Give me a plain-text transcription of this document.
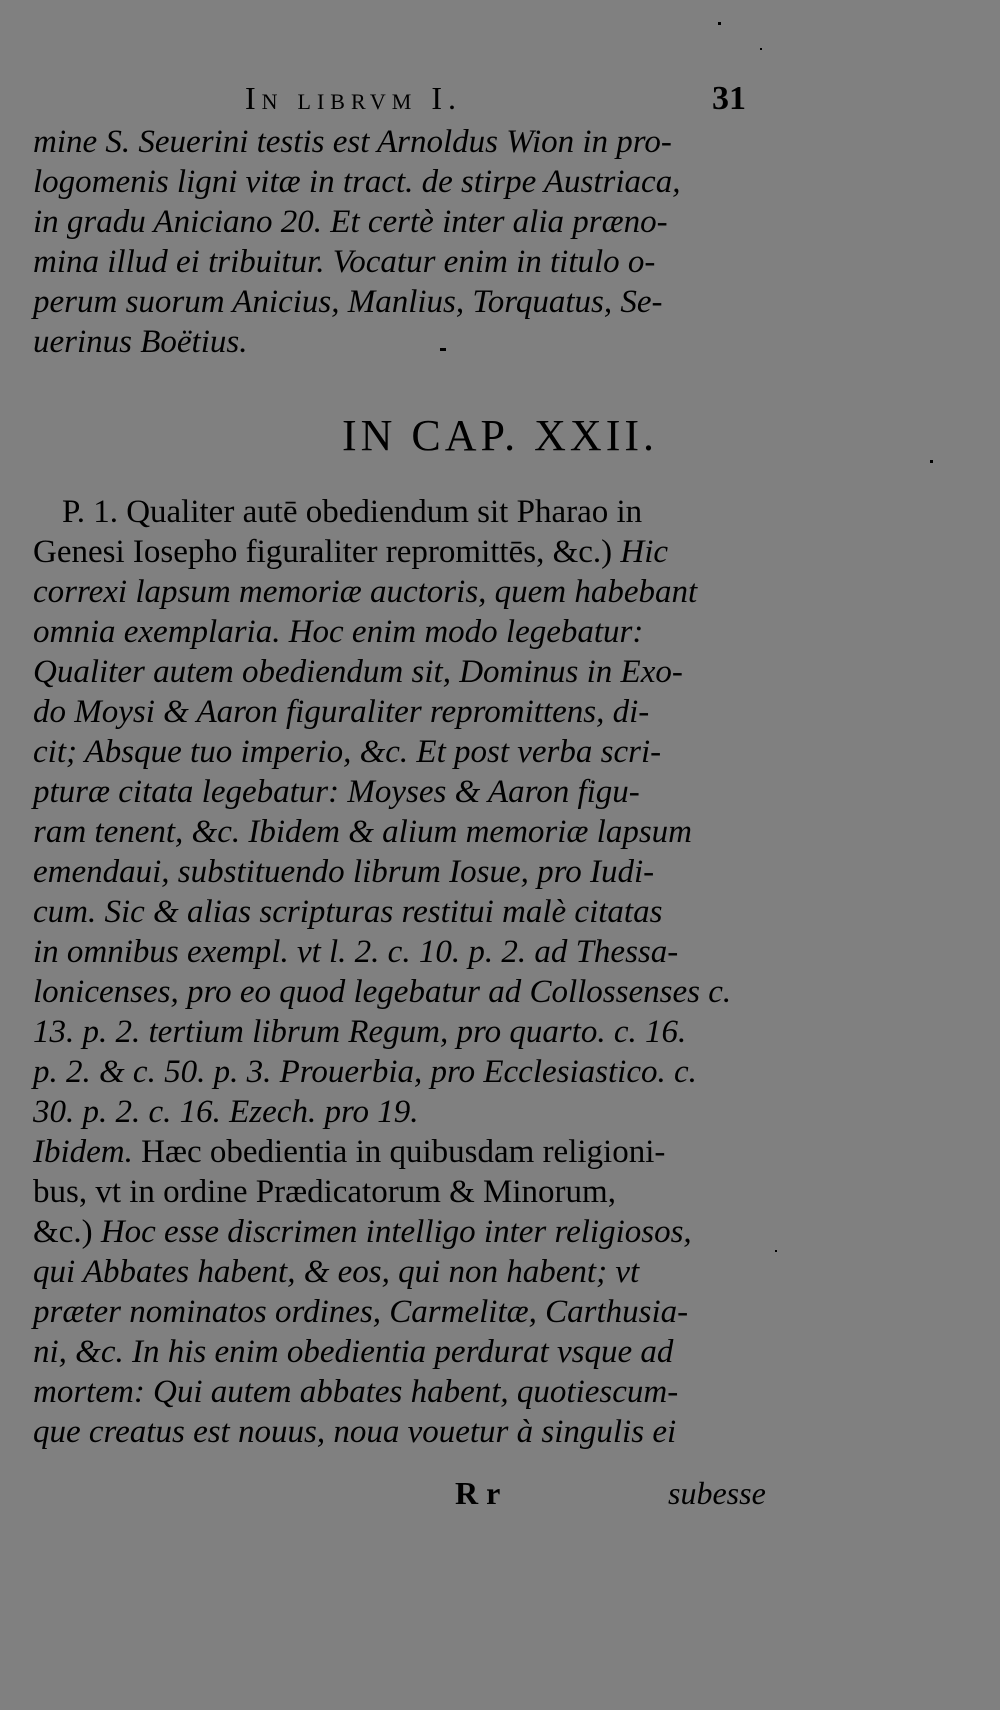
In librvm I.	31
mine S. Seuerini testis est Arnoldus Wion in pro-
logomenis ligni vitæ in tract. de stirpe Austriaca,
in gradu Aniciano 20. Et certè inter alia præno-
mina illud ei tribuitur. Vocatur enim in titulo o-
perum suorum Anicius, Manlius, Torquatus, Se-
uerinus Boëtius.
IN CAP. XXII.
P. 1. Qualiter autē obediendum sit Pharao in
Genesi Iosepho figuraliter repromittēs, &c.) Hic
correxi lapsum memoriæ auctoris, quem habebant
omnia exemplaria. Hoc enim modo legebatur:
Qualiter autem obediendum sit, Dominus in Exo-
do Moysi & Aaron figuraliter repromittens, di-
cit; Absque tuo imperio, &c. Et post verba scri-
pturæ citata legebatur: Moyses & Aaron figu-
ram tenent, &c. Ibidem & alium memoriæ lapsum
emendaui, substituendo librum Iosue, pro Iudi-
cum. Sic & alias scripturas restitui malè citatas
in omnibus exempl. vt l. 2. c. 10. p. 2. ad Thessa-
lonicenses, pro eo quod legebatur ad Collossenses c.
13. p. 2. tertium librum Regum, pro quarto. c. 16.
p. 2. & c. 50. p. 3. Prouerbia, pro Ecclesiastico. c.
30. p. 2. c. 16. Ezech. pro 19.
Ibidem. Hæc obedientia in quibusdam religioni-
bus, vt in ordine Prædicatorum & Minorum,
&c.) Hoc esse discrimen intelligo inter religiosos,
qui Abbates habent, & eos, qui non habent; vt
præter nominatos ordines, Carmelitæ, Carthusia-
ni, &c. In his enim obedientia perdurat vsque ad
mortem: Qui autem abbates habent, quotiescum-
que creatus est nouus, noua vouetur à singulis ei
R r	subesse
